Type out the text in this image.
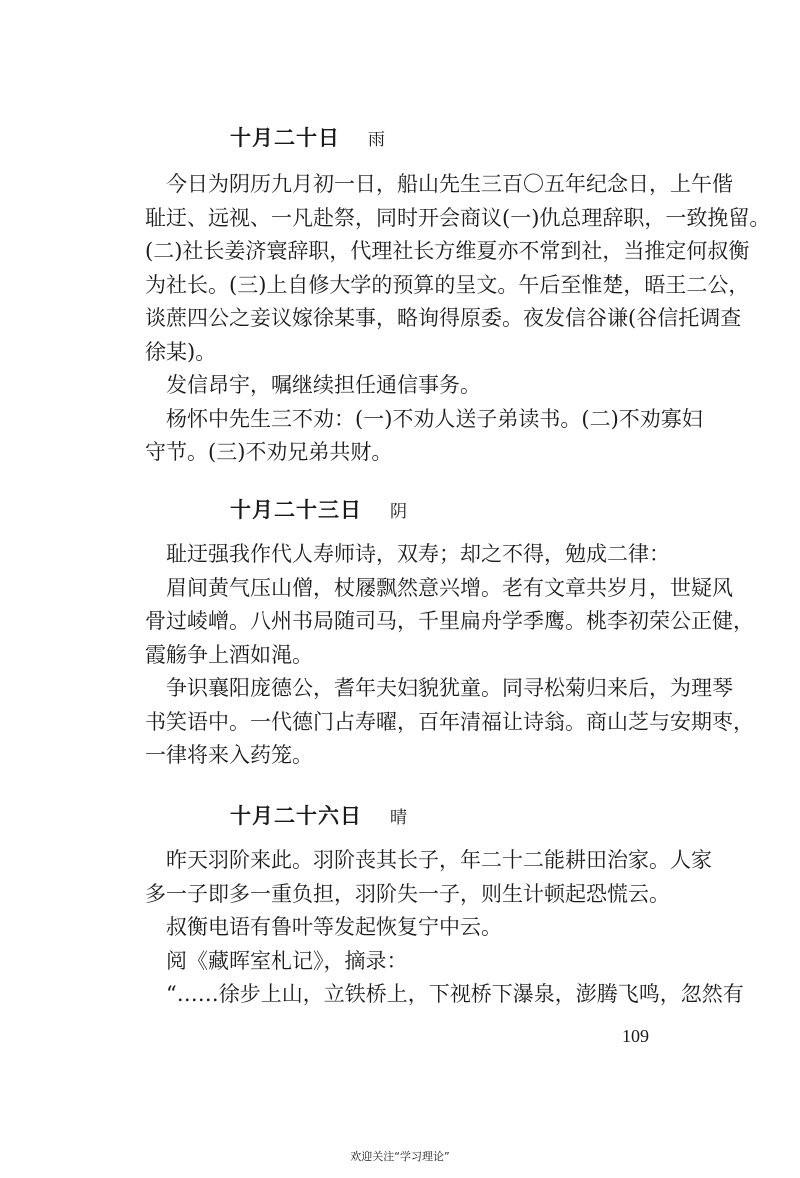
十月二十日 雨
今日为阴历九月初一日，船山先生三百〇五年纪念日，上午偕
耻迂、远视、一凡赴祭，同时开会商议(一)仇总理辞职，一致挽留。
(二)社长姜济寰辞职，代理社长方维夏亦不常到社，当推定何叔衡
为社长。(三)上自修大学的预算的呈文。午后至惟楚，晤王二公，
谈蔗四公之妾议嫁徐某事，略询得原委。夜发信谷谦(谷信托调查
徐某)。
发信昂宇，嘱继续担任通信事务。
杨怀中先生三不劝：(一)不劝人送子弟读书。(二)不劝寡妇
守节。(三)不劝兄弟共财。
十月二十三日 阴
耻迂强我作代人寿师诗，双寿；却之不得，勉成二律：
眉间黄气压山僧，杖屦飘然意兴增。老有文章共岁月，世疑风
骨过崚嶒。八州书局随司马，千里扁舟学季鹰。桃李初荣公正健，
霞觞争上酒如渑。
争识襄阳庞德公，耆年夫妇貌犹童。同寻松菊归来后，为理琴
书笑语中。一代德门占寿曜，百年清福让诗翁。商山芝与安期枣，
一律将来入药笼。
十月二十六日 晴
昨天羽阶来此。羽阶丧其长子，年二十二能耕田治家。人家
多一子即多一重负担，羽阶失一子，则生计顿起恐慌云。
叔衡电语有鲁叶等发起恢复宁中云。
阅《藏晖室札记》，摘录：
“……徐步上山，立铁桥上，下视桥下瀑泉，澎腾飞鸣，忽然有
109
欢迎关注“学习理论”
